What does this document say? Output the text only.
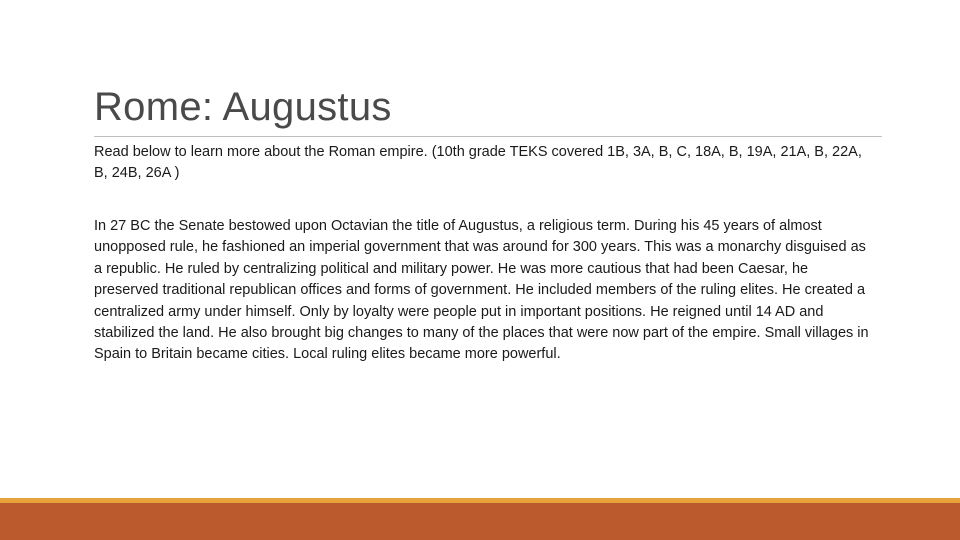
Rome: Augustus
Read below to learn more about the Roman empire. (10th grade TEKS covered 1B, 3A, B, C, 18A, B, 19A, 21A, B, 22A, B, 24B, 26A )
In 27 BC the Senate bestowed upon Octavian the title of Augustus, a religious term. During his 45 years of almost unopposed rule, he fashioned an imperial government that was around for 300 years. This was a monarchy disguised as a republic. He ruled by centralizing political and military power. He was more cautious that had been Caesar, he preserved traditional republican offices and forms of government. He included members of the ruling elites. He created a centralized army under himself. Only by loyalty were people put in important positions. He reigned until 14 AD and stabilized the land. He also brought big changes to many of the places that were now part of the empire. Small villages in Spain to Britain became cities. Local ruling elites became more powerful.
